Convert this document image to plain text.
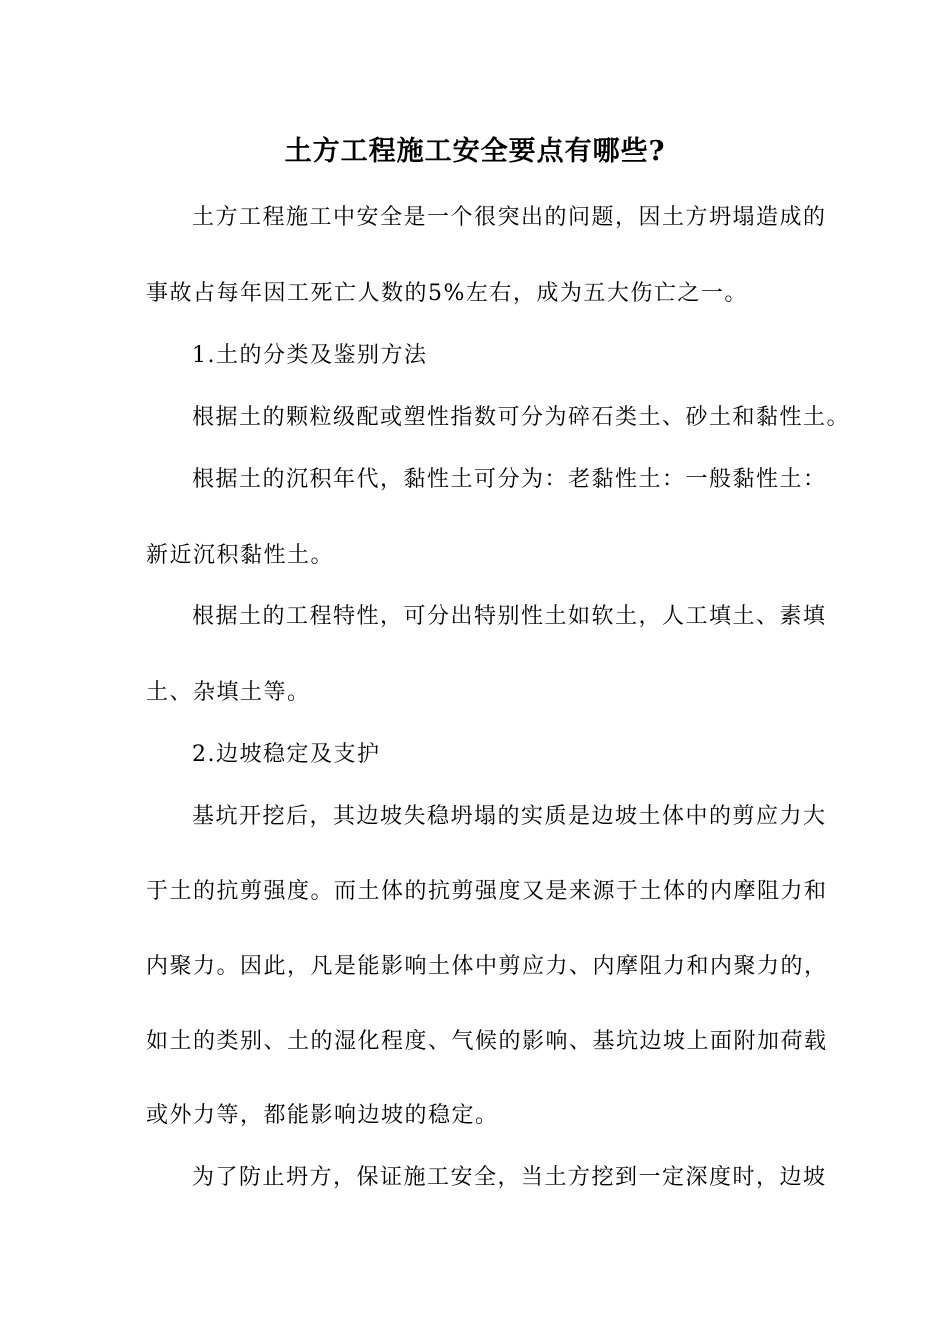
土方工程施工安全要点有哪些?
土方工程施工中安全是一个很突出的问题，因土方坍塌造成的
事故占每年因工死亡人数的5%左右，成为五大伤亡之一。
1.土的分类及鉴别方法
根据土的颗粒级配或塑性指数可分为碎石类土、砂土和黏性土。
根据土的沉积年代，黏性土可分为：老黏性土：一般黏性土：
新近沉积黏性土。
根据土的工程特性，可分出特别性土如软土，人工填土、素填
土、杂填土等。
2.边坡稳定及支护
基坑开挖后，其边坡失稳坍塌的实质是边坡土体中的剪应力大
于土的抗剪强度。而土体的抗剪强度又是来源于土体的内摩阻力和
内聚力。因此，凡是能影响土体中剪应力、内摩阻力和内聚力的，
如土的类别、土的湿化程度、气候的影响、基坑边坡上面附加荷载
或外力等，都能影响边坡的稳定。
为了防止坍方，保证施工安全，当土方挖到一定深度时，边坡
